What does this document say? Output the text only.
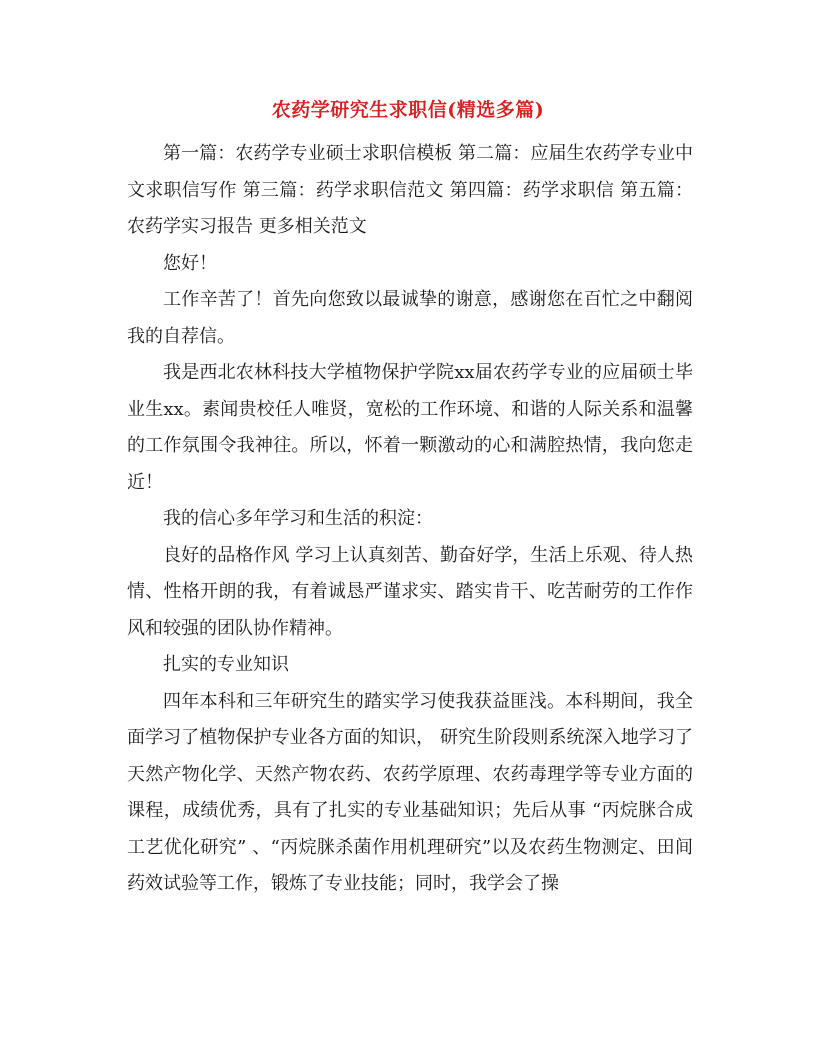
农药学研究生求职信(精选多篇)

第一篇：农药学专业硕士求职信模板 第二篇：应届生农药学专业中文求职信写作 第三篇：药学求职信范文 第四篇：药学求职信 第五篇：农药学实习报告 更多相关范文

您好！

工作辛苦了！首先向您致以最诚挚的谢意，感谢您在百忙之中翻阅我的自荐信。

我是西北农林科技大学植物保护学院xx届农药学专业的应届硕士毕业生xx。素闻贵校任人唯贤，宽松的工作环境、和谐的人际关系和温馨的工作氛围令我神往。所以，怀着一颗激动的心和满腔热情，我向您走近！

我的信心多年学习和生活的积淀：

良好的品格作风 学习上认真刻苦、勤奋好学，生活上乐观、待人热情、性格开朗的我，有着诚恳严谨求实、踏实肯干、吃苦耐劳的工作作风和较强的团队协作精神。

扎实的专业知识

四年本科和三年研究生的踏实学习使我获益匪浅。本科期间，我全面学习了植物保护专业各方面的知识， 研究生阶段则系统深入地学习了天然产物化学、天然产物农药、农药学原理、农药毒理学等专业方面的课程，成绩优秀，具有了扎实的专业基础知识；先后从事 “丙烷脒合成工艺优化研究” 、“丙烷脒杀菌作用机理研究”以及农药生物测定、田间药效试验等工作，锻炼了专业技能；同时，我学会了操
